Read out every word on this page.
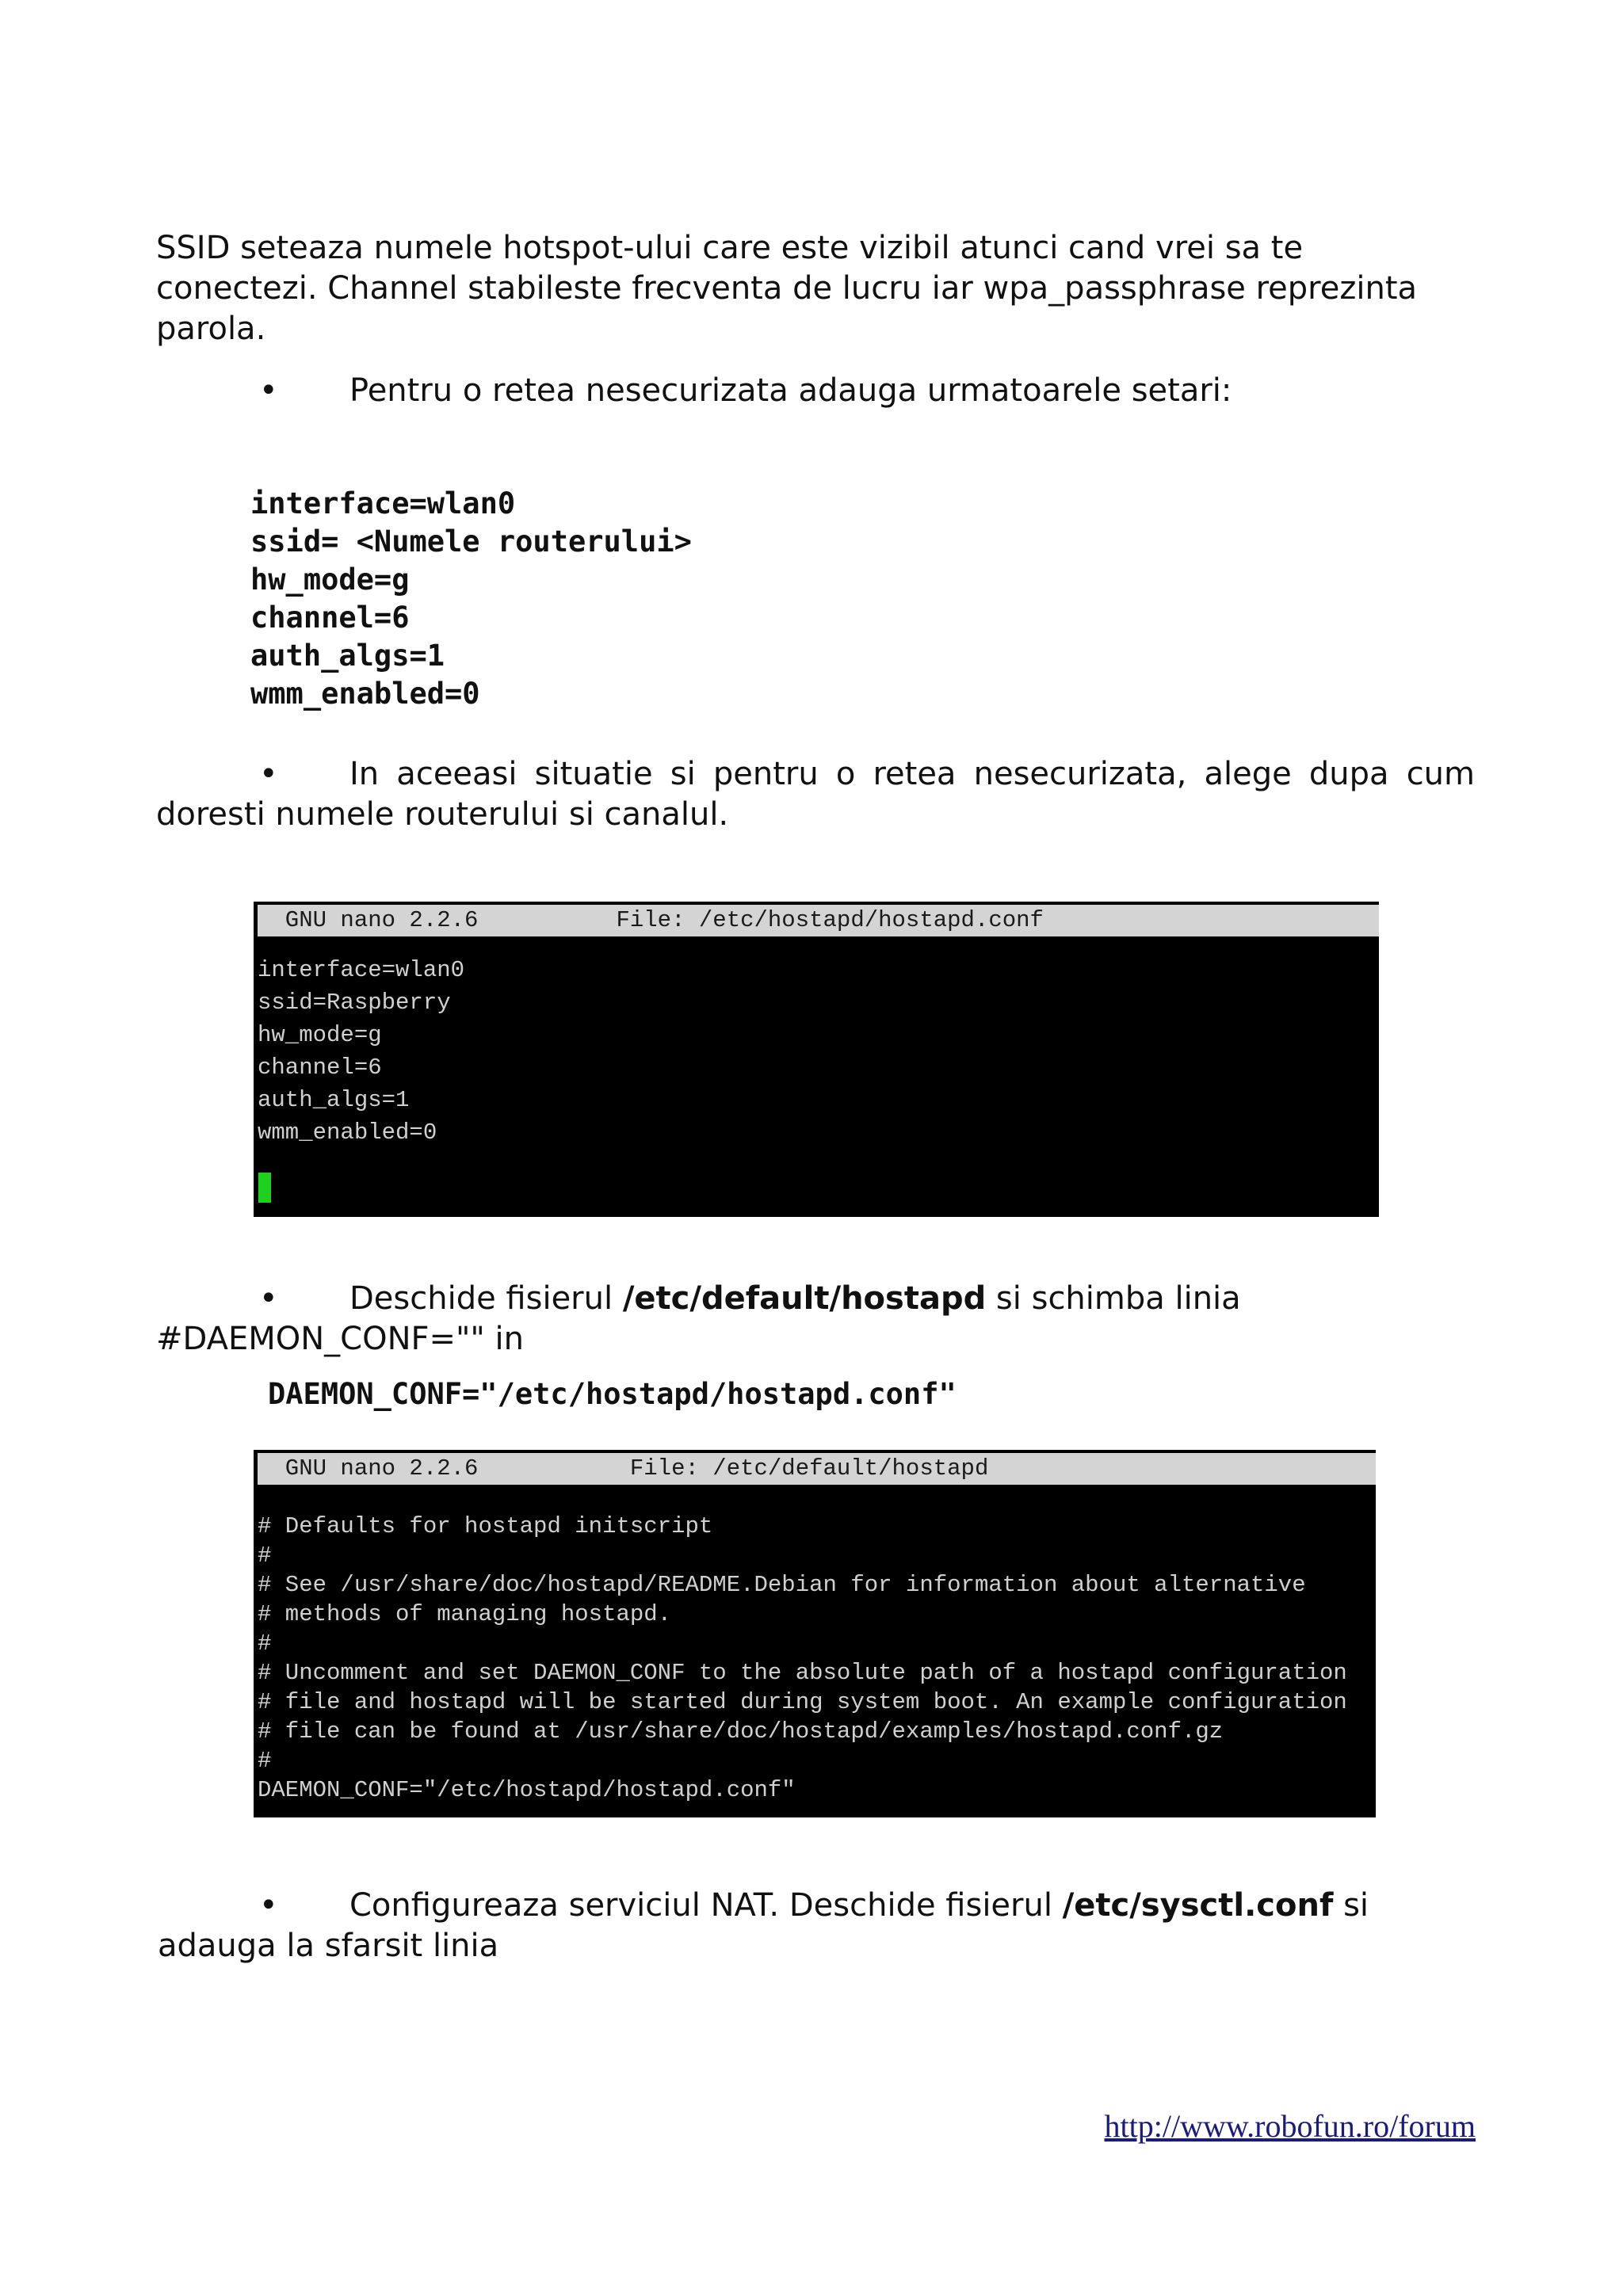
SSID seteaza numele hotspot-ului care este vizibil atunci cand vrei sa te
conectezi. Channel stabileste frecventa de lucru iar wpa_passphrase reprezinta
parola.
•	Pentru o retea nesecurizata adauga urmatoarele setari:
interface=wlan0
ssid= <Numele routerului>
hw_mode=g
channel=6
auth_algs=1
wmm_enabled=0
•	In aceeasi situatie si pentru o retea nesecurizata, alege dupa cum
doresti numele routerului si canalul.
GNU nano 2.2.6          File: /etc/hostapd/hostapd.conf
interface=wlan0
ssid=Raspberry
hw_mode=g
channel=6
auth_algs=1
wmm_enabled=0
•	Deschide fisierul /etc/default/hostapd si schimba linia
#DAEMON_CONF="" in
DAEMON_CONF="/etc/hostapd/hostapd.conf"
GNU nano 2.2.6           File: /etc/default/hostapd
# Defaults for hostapd initscript
#
# See /usr/share/doc/hostapd/README.Debian for information about alternative
# methods of managing hostapd.
#
# Uncomment and set DAEMON_CONF to the absolute path of a hostapd configuration
# file and hostapd will be started during system boot. An example configuration
# file can be found at /usr/share/doc/hostapd/examples/hostapd.conf.gz
#
DAEMON_CONF="/etc/hostapd/hostapd.conf"
•	Configureaza serviciul NAT. Deschide fisierul /etc/sysctl.conf si
adauga la sfarsit linia
http://www.robofun.ro/forum
